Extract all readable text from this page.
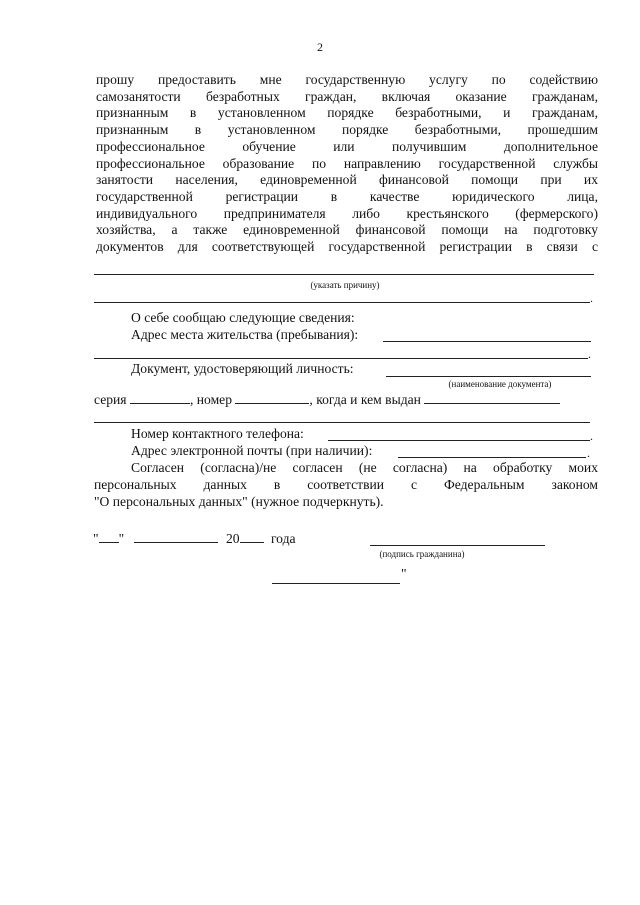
2
прошу предоставить мне государственную услугу по содействию
самозанятости безработных граждан, включая оказание гражданам,
признанным в установленном порядке безработными, и гражданам,
признанным в установленном порядке безработными, прошедшим
профессиональное обучение или получившим дополнительное
профессиональное образование по направлению государственной службы
занятости населения, единовременной финансовой помощи при их
государственной регистрации в качестве юридического лица,
индивидуального предпринимателя либо крестьянского (фермерского)
хозяйства, а также единовременной финансовой помощи на подготовку
документов для соответствующей государственной регистрации в связи с
(указать причину)
.
О себе сообщаю следующие сведения:
Адрес места жительства (пребывания):
.
Документ, удостоверяющий личность:
(наименование документа)
серия	, номер	, когда и кем выдан
Номер контактного телефона:	.
Адрес электронной почты (при наличии):	.
Согласен (согласна)/не согласен (не согласна) на обработку моих
персональных данных в соответствии с Федеральным законом
"О персональных данных" (нужное подчеркнуть).
" "	20 года
(подпись гражданина)
"
